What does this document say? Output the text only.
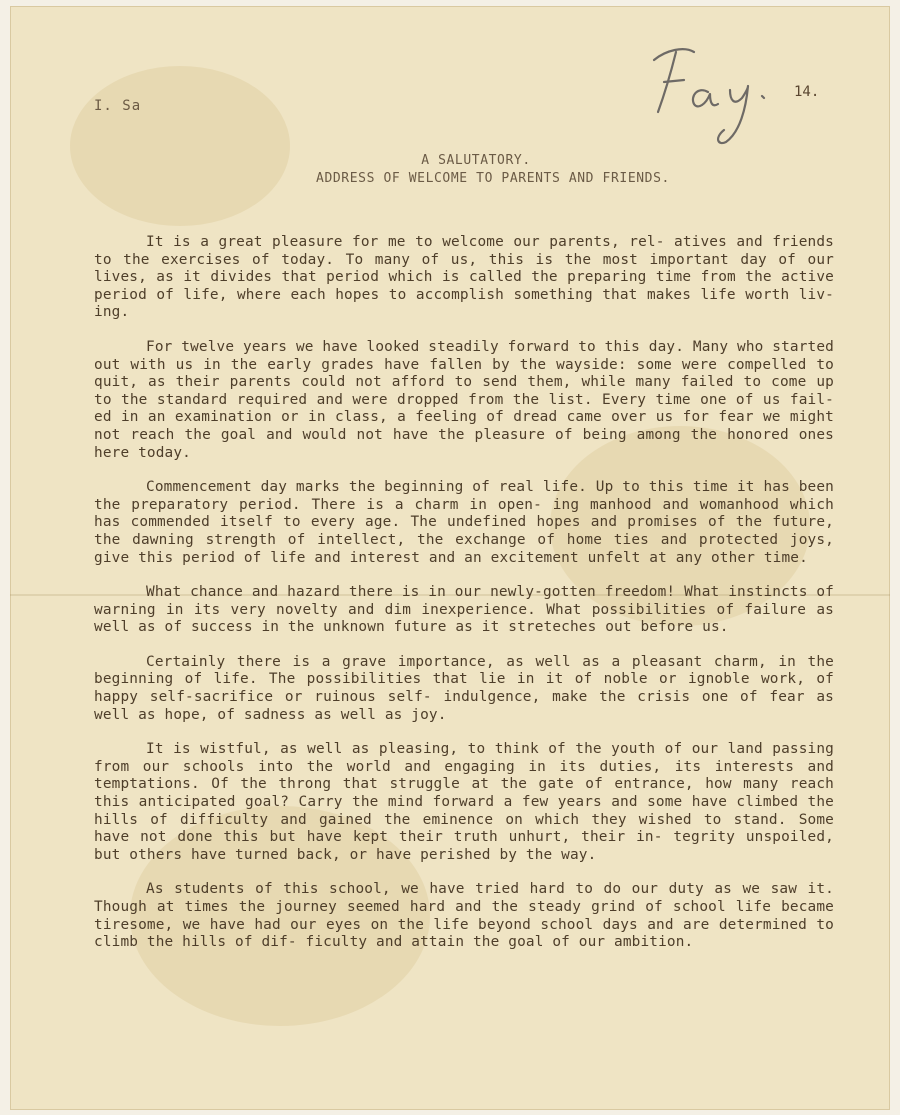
I. Sa
14.
A SALUTATORY.
ADDRESS OF WELCOME TO PARENTS AND FRIENDS.

It is a great pleasure for me to welcome our parents, rel- atives and friends to the exercises of today. To many of us, this is the most important day of our lives, as it divides that period which is called the preparing time from the active period of life, where each hopes to accomplish something that makes life worth liv- ing.

For twelve years we have looked steadily forward to this day. Many who started out with us in the early grades have fallen by the wayside: some were compelled to quit, as their parents could not afford to send them, while many failed to come up to the standard required and were dropped from the list. Every time one of us fail- ed in an examination or in class, a feeling of dread came over us for fear we might not reach the goal and would not have the pleasure of being among the honored ones here today.

Commencement day marks the beginning of real life. Up to this time it has been the preparatory period. There is a charm in open- ing manhood and womanhood which has commended itself to every age. The undefined hopes and promises of the future, the dawning strength of intellect, the exchange of home ties and protected joys, give this period of life and interest and an excitement unfelt at any other time.

What chance and hazard there is in our newly-gotten freedom! What instincts of warning in its very novelty and dim inexperience. What possibilities of failure as well as of success in the unknown future as it streteches out before us.

Certainly there is a grave importance, as well as a pleasant charm, in the beginning of life. The possibilities that lie in it of noble or ignoble work, of happy self-sacrifice or ruinous self- indulgence, make the crisis one of fear as well as hope, of sadness as well as joy.

It is wistful, as well as pleasing, to think of the youth of our land passing from our schools into the world and engaging in its duties, its interests and temptations. Of the throng that struggle at the gate of entrance, how many reach this anticipated goal? Carry the mind forward a few years and some have climbed the hills of difficulty and gained the eminence on which they wished to stand. Some have not done this but have kept their truth unhurt, their in- tegrity unspoiled, but others have turned back, or have perished by the way.

As students of this school, we have tried hard to do our duty as we saw it. Though at times the journey seemed hard and the steady grind of school life became tiresome, we have had our eyes on the life beyond school days and are determined to climb the hills of dif- ficulty and attain the goal of our ambition.
